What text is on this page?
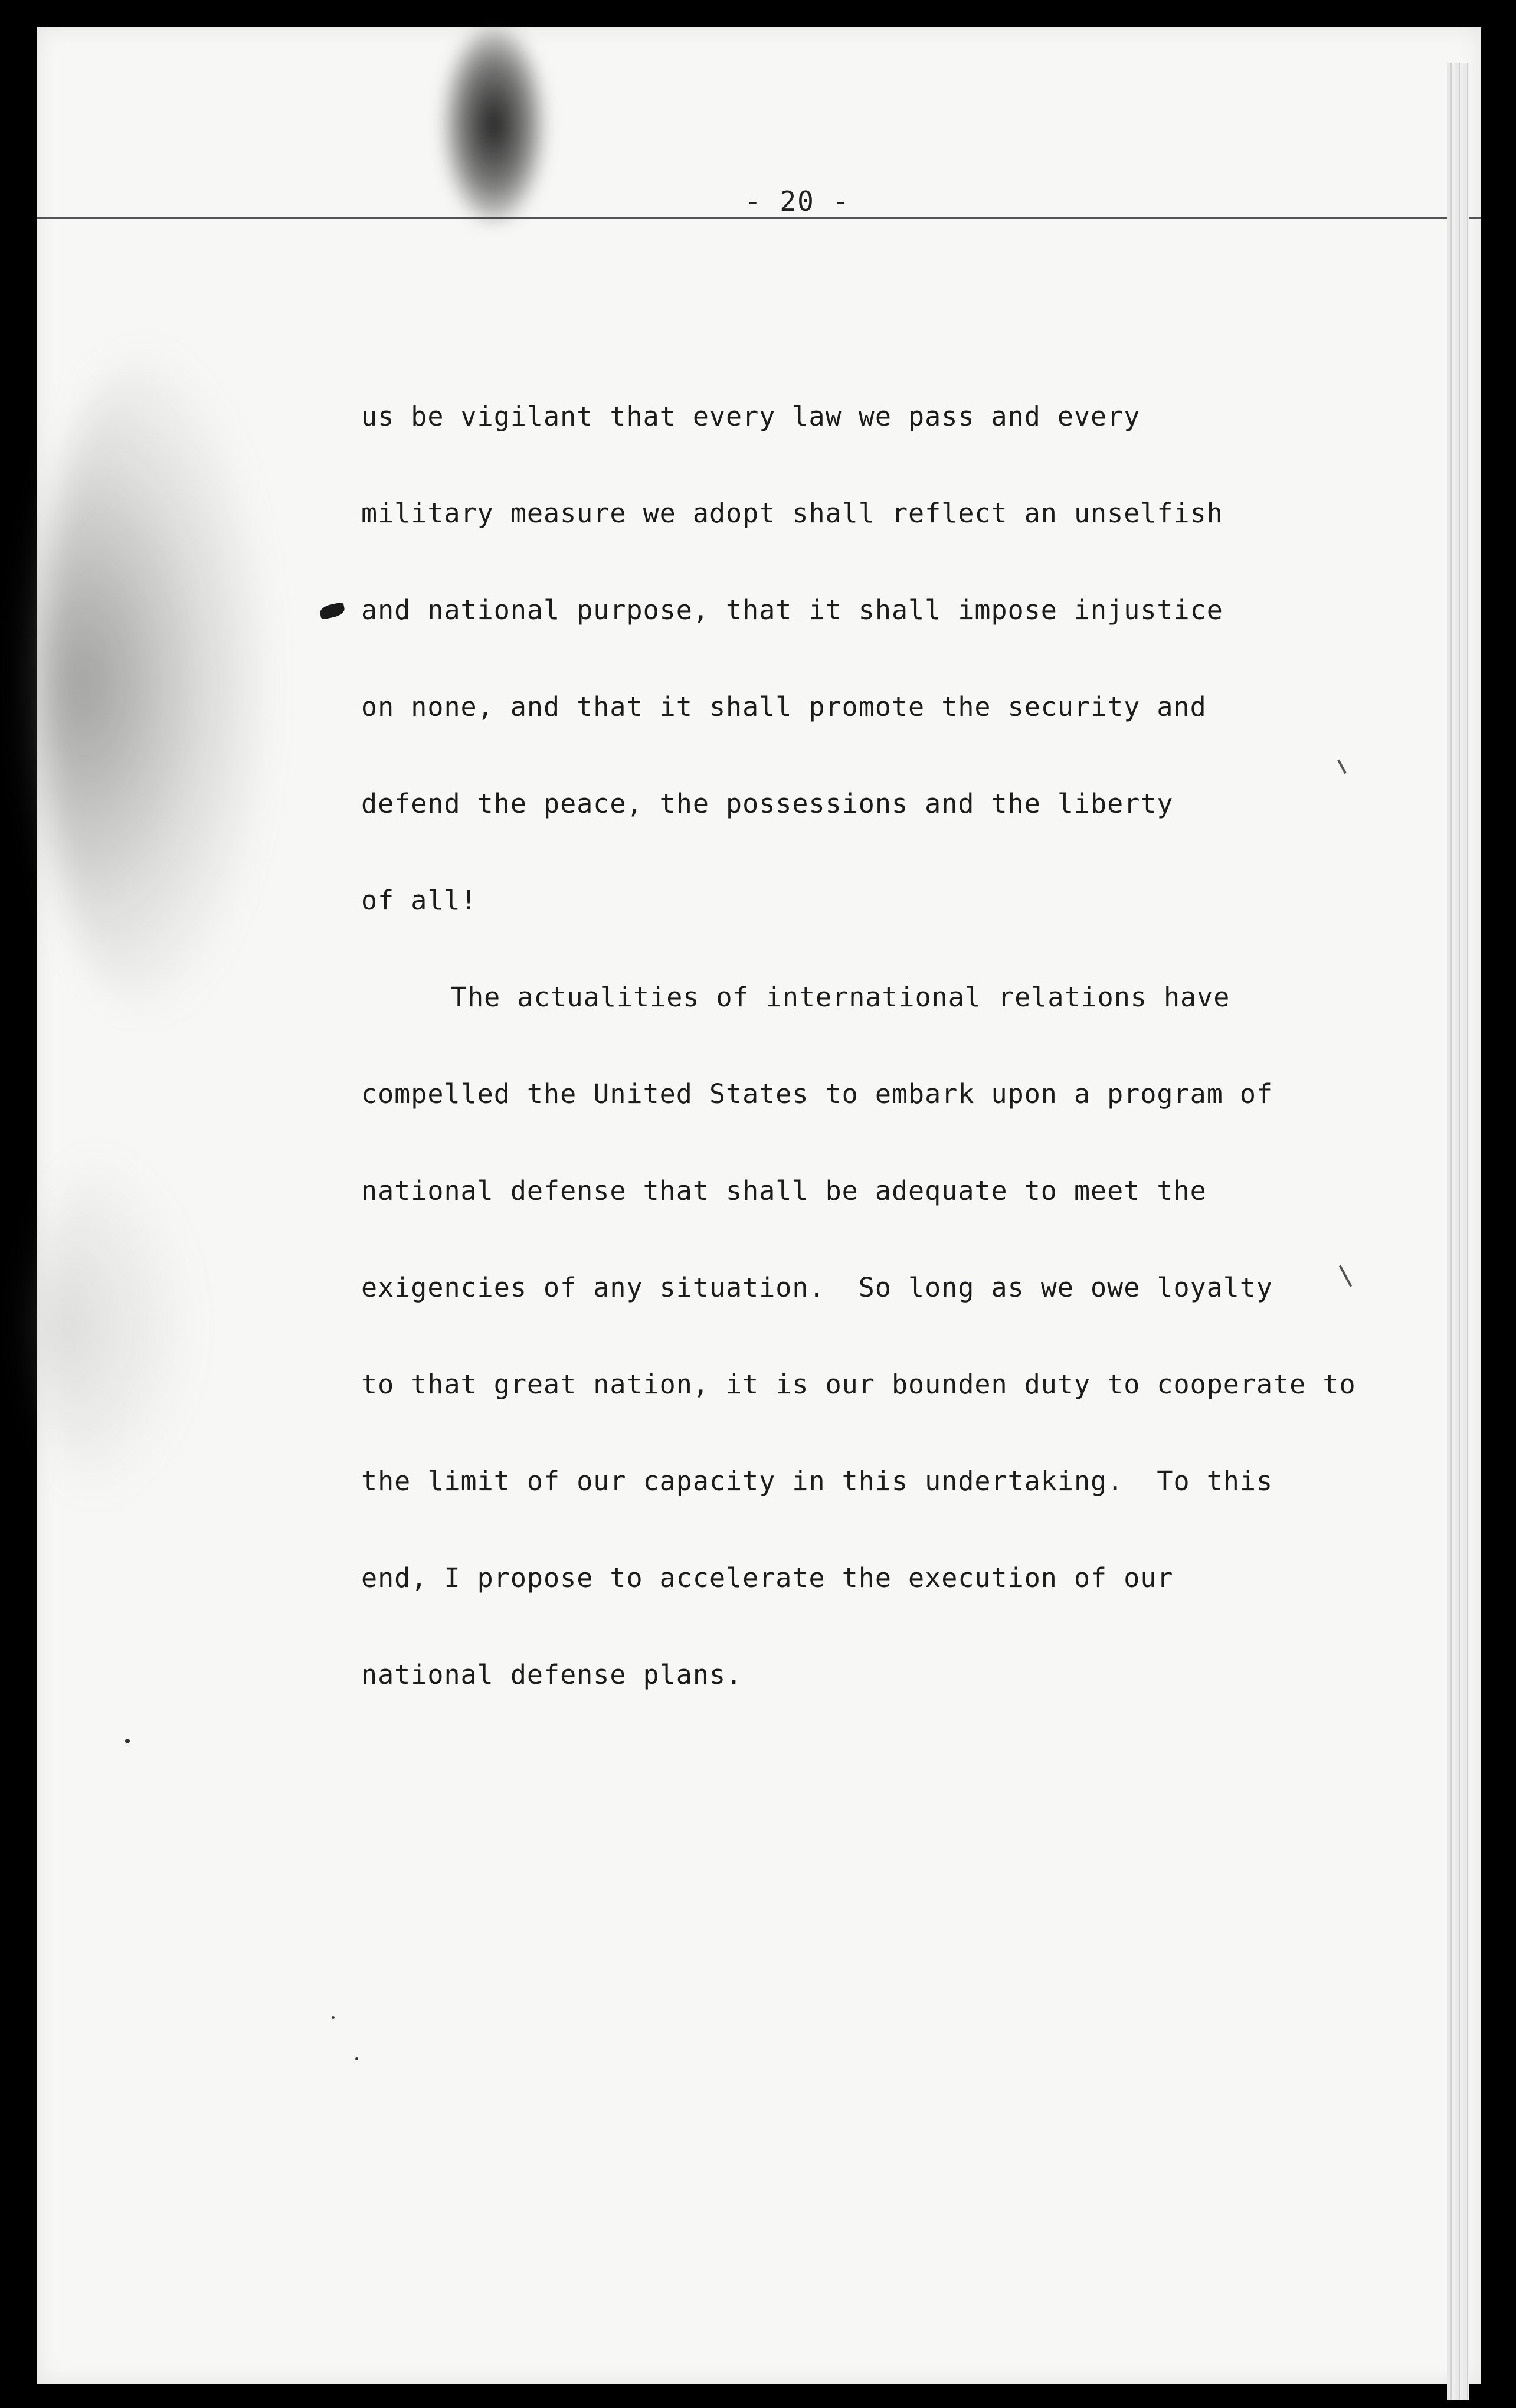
- 20 -
us be vigilant that every law we pass and every
military measure we adopt shall reflect an unselfish
and national purpose, that it shall impose injustice
on none, and that it shall promote the security and
defend the peace, the possessions and the liberty
of all!
The actualities of international relations have
compelled the United States to embark upon a program of
national defense that shall be adequate to meet the
exigencies of any situation.  So long as we owe loyalty
to that great nation, it is our bounden duty to cooperate to
the limit of our capacity in this undertaking.  To this
end, I propose to accelerate the execution of our
national defense plans.
